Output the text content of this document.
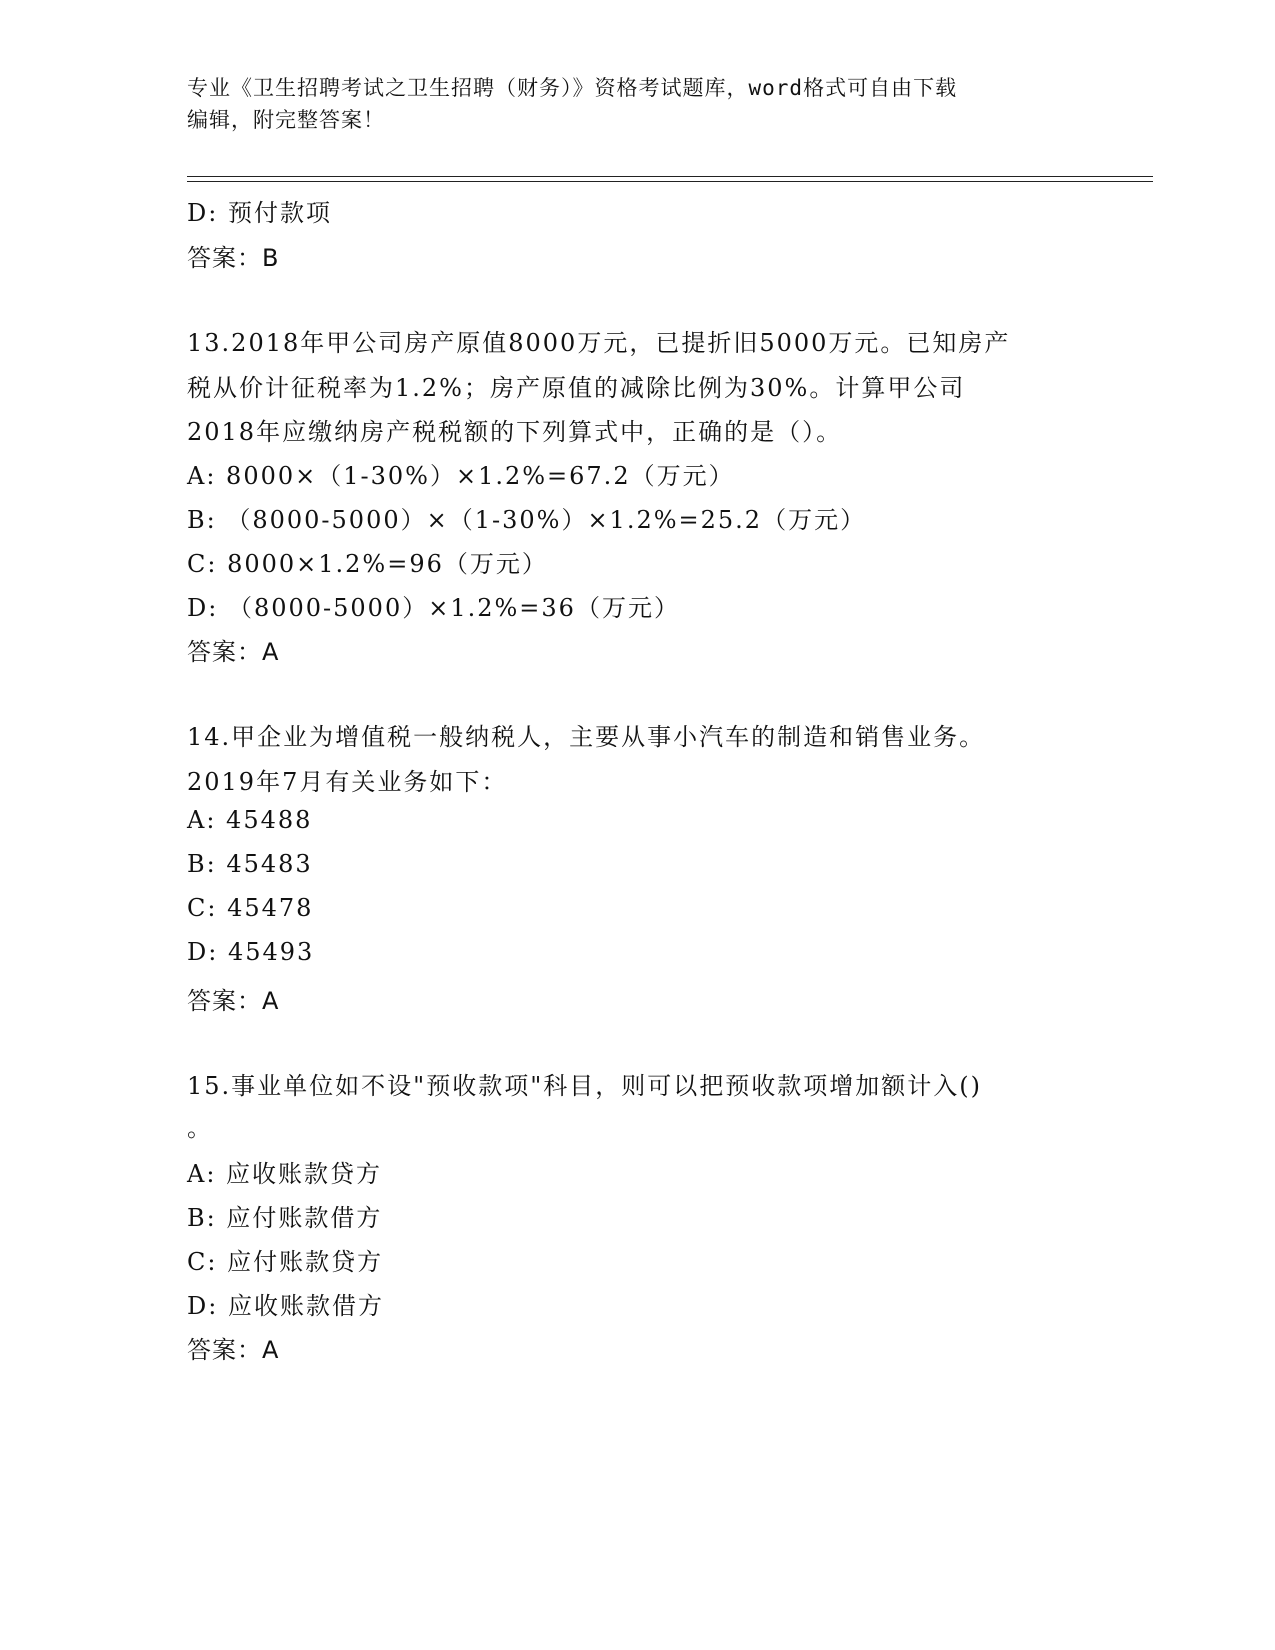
专业《卫生招聘考试之卫生招聘（财务）》资格考试题库，word格式可自由下载
编辑，附完整答案！
D: 预付款项
答案：B
13.2018年甲公司房产原值8000万元，已提折旧5000万元。已知房产
税从价计征税率为1.2%；房产原值的减除比例为30%。计算甲公司
2018年应缴纳房产税税额的下列算式中，正确的是（）。
A: 8000×（1-30%）×1.2%=67.2（万元）
B: （8000-5000）×（1-30%）×1.2%=25.2（万元）
C: 8000×1.2%=96（万元）
D: （8000-5000）×1.2%=36（万元）
答案：A
14.甲企业为增值税一般纳税人，主要从事小汽车的制造和销售业务。
2019年7月有关业务如下：
A: 45488
B: 45483
C: 45478
D: 45493
答案：A
15.事业单位如不设"预收款项"科目，则可以把预收款项增加额计入()
。
A: 应收账款贷方
B: 应付账款借方
C: 应付账款贷方
D: 应收账款借方
答案：A
